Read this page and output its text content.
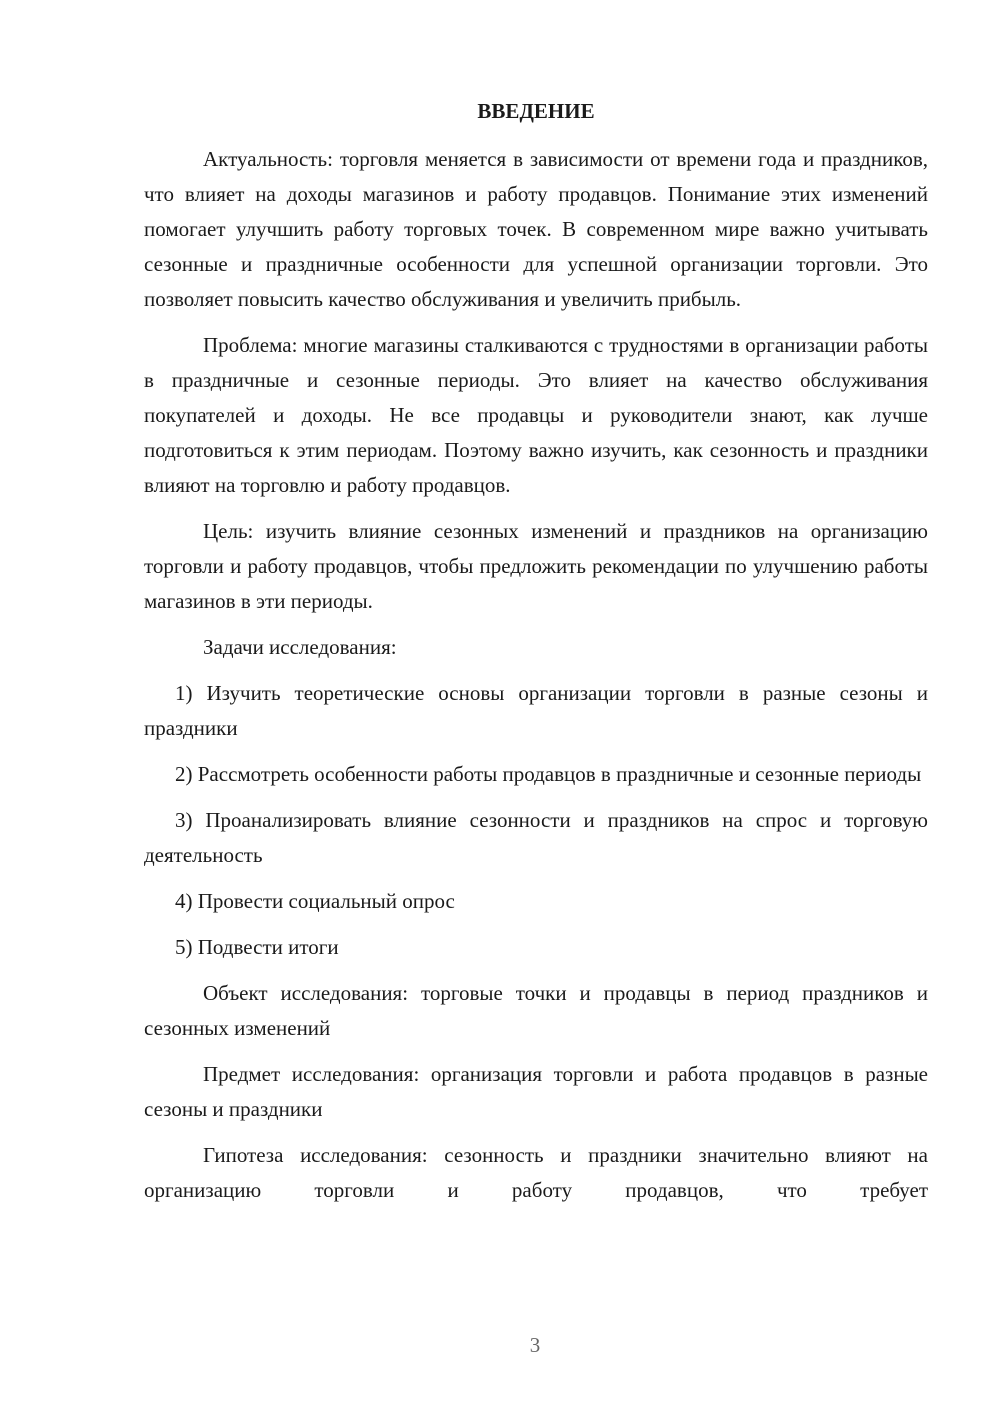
ВВЕДЕНИЕ

Актуальность: торговля меняется в зависимости от времени года и праздников, что влияет на доходы магазинов и работу продавцов. Понимание этих изменений помогает улучшить работу торговых точек. В современном мире важно учитывать сезонные и праздничные особенности для успешной организации торговли. Это позволяет повысить качество обслуживания и увеличить прибыль.

Проблема: многие магазины сталкиваются с трудностями в организации работы в праздничные и сезонные периоды. Это влияет на качество обслуживания покупателей и доходы. Не все продавцы и руководители знают, как лучше подготовиться к этим периодам. Поэтому важно изучить, как сезонность и праздники влияют на торговлю и работу продавцов.

Цель: изучить влияние сезонных изменений и праздников на организацию торговли и работу продавцов, чтобы предложить рекомендации по улучшению работы магазинов в эти периоды.

Задачи исследования:

1) Изучить теоретические основы организации торговли в разные сезоны и праздники

2) Рассмотреть особенности работы продавцов в праздничные и сезонные периоды

3) Проанализировать влияние сезонности и праздников на спрос и торговую деятельность

4) Провести социальный опрос

5) Подвести итоги

Объект исследования: торговые точки и продавцы в период праздников и сезонных изменений

Предмет исследования: организация торговли и работа продавцов в разные сезоны и праздники

Гипотеза исследования: сезонность и праздники значительно влияют на организацию торговли и работу продавцов, что требует

3
